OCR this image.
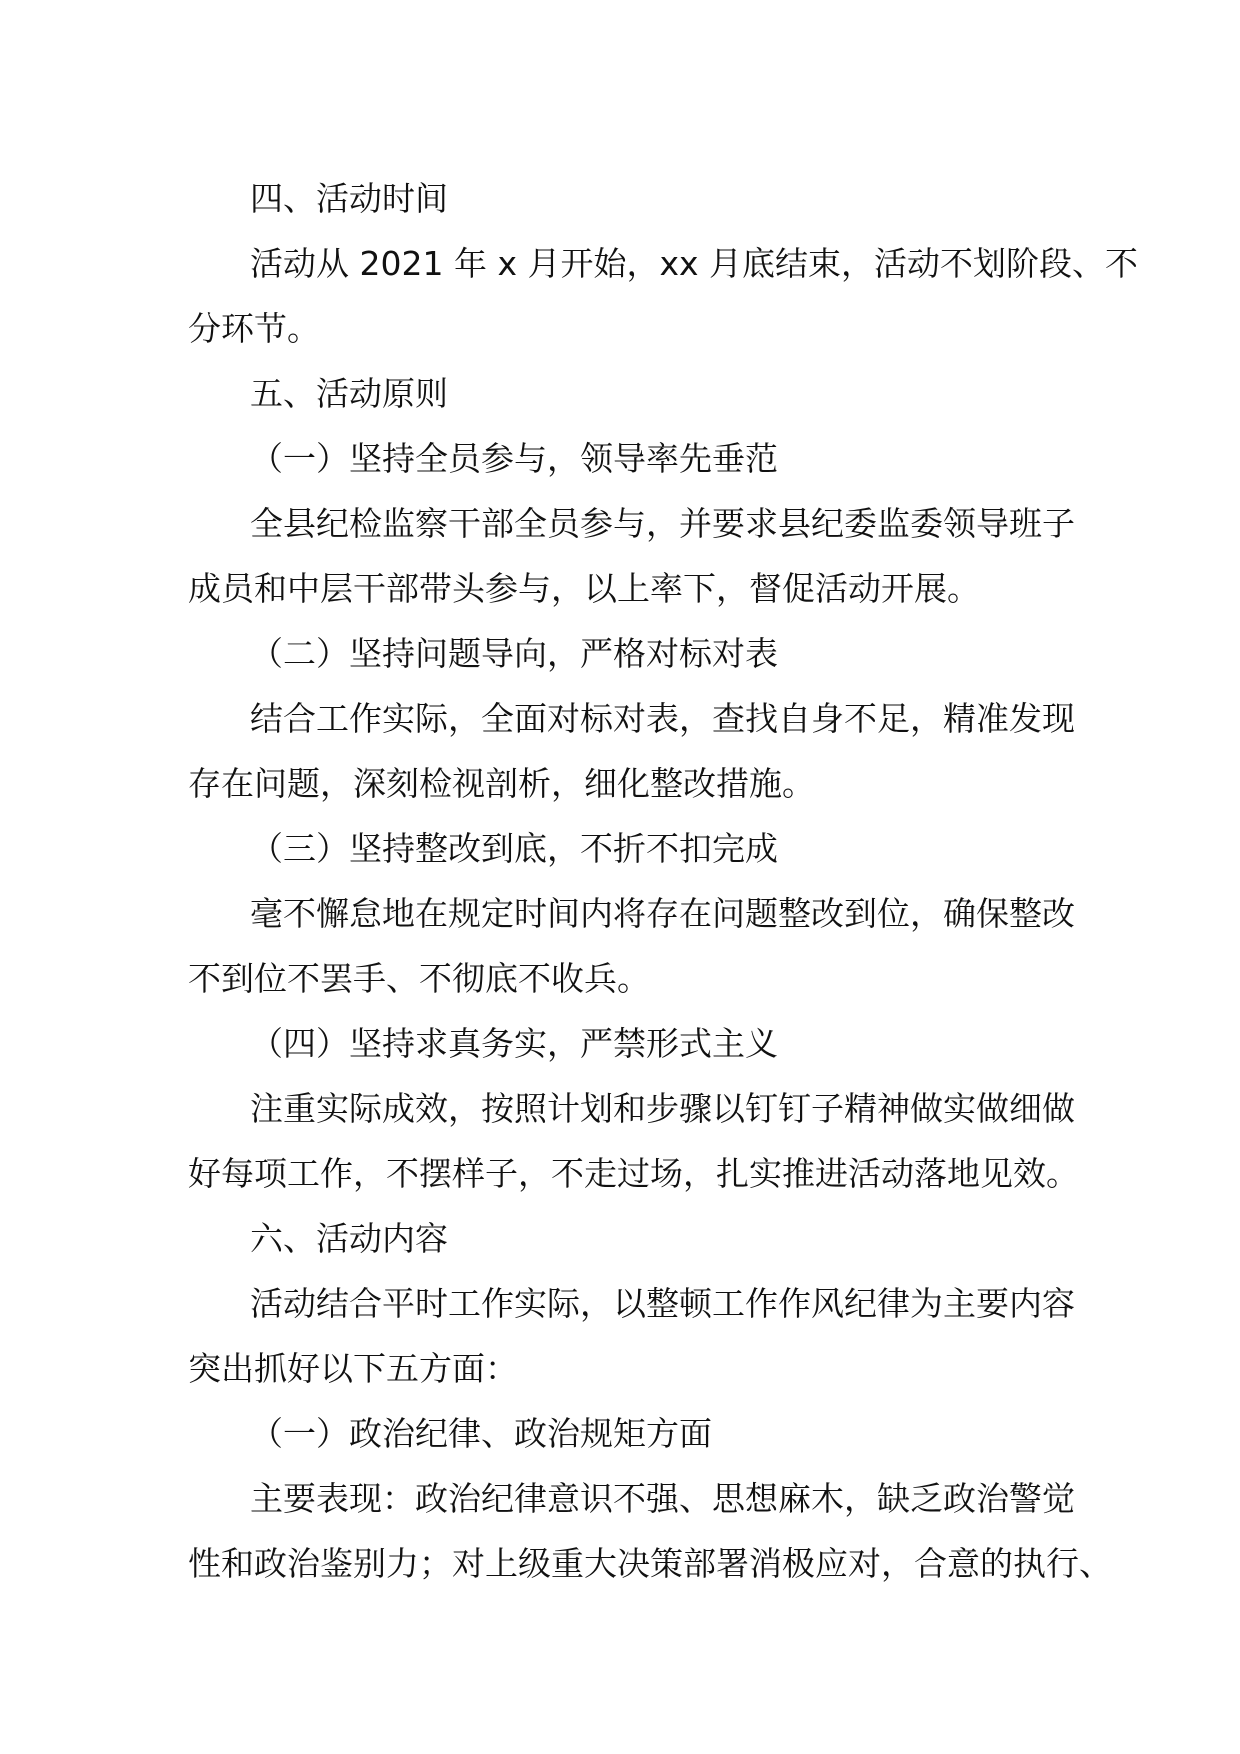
四、活动时间

活动从 2021 年 x 月开始，xx 月底结束，活动不划阶段、不

分环节。

五、活动原则

（一）坚持全员参与，领导率先垂范

全县纪检监察干部全员参与，并要求县纪委监委领导班子

成员和中层干部带头参与，以上率下，督促活动开展。

（二）坚持问题导向，严格对标对表

结合工作实际，全面对标对表，查找自身不足，精准发现

存在问题，深刻检视剖析，细化整改措施。

（三）坚持整改到底，不折不扣完成

毫不懈怠地在规定时间内将存在问题整改到位，确保整改

不到位不罢手、不彻底不收兵。

（四）坚持求真务实，严禁形式主义

注重实际成效，按照计划和步骤以钉钉子精神做实做细做

好每项工作，不摆样子，不走过场，扎实推进活动落地见效。

六、活动内容

活动结合平时工作实际，以整顿工作作风纪律为主要内容

突出抓好以下五方面：

（一）政治纪律、政治规矩方面

主要表现：政治纪律意识不强、思想麻木，缺乏政治警觉

性和政治鉴别力；对上级重大决策部署消极应对，合意的执行、
